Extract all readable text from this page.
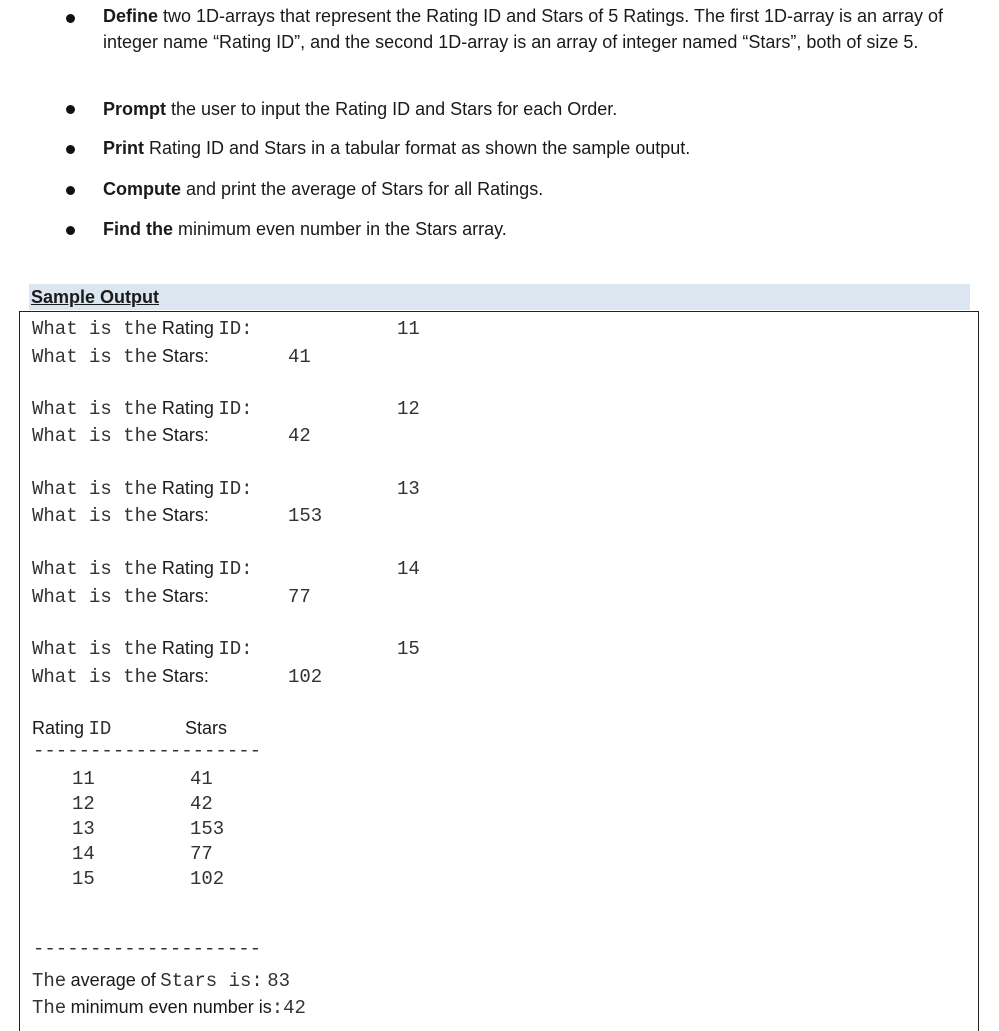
Define two 1D-arrays that represent the Rating ID and Stars of 5 Ratings. The first 1D-array is an array of integer name “Rating ID”, and the second 1D-array is an array of integer named “Stars”, both of size 5.
Prompt the user to input the Rating ID and Stars for each Order.
Print Rating ID and Stars in a tabular format as shown the sample output.
Compute and print the average of Stars for all Ratings.
Find the minimum even number in the Stars array.
Sample Output
What is the Rating ID:	11
What is the Stars:	41
What is the Rating ID:	12
What is the Stars:	42
What is the Rating ID:	13
What is the Stars:	153
What is the Rating ID:	14
What is the Stars:	77
What is the Rating ID:	15
What is the Stars:	102
Rating ID	Stars
--------------------
11	41
12	42
13	153
14	77
15	102
--------------------
The average of Stars is: 83
The minimum even number is:42
